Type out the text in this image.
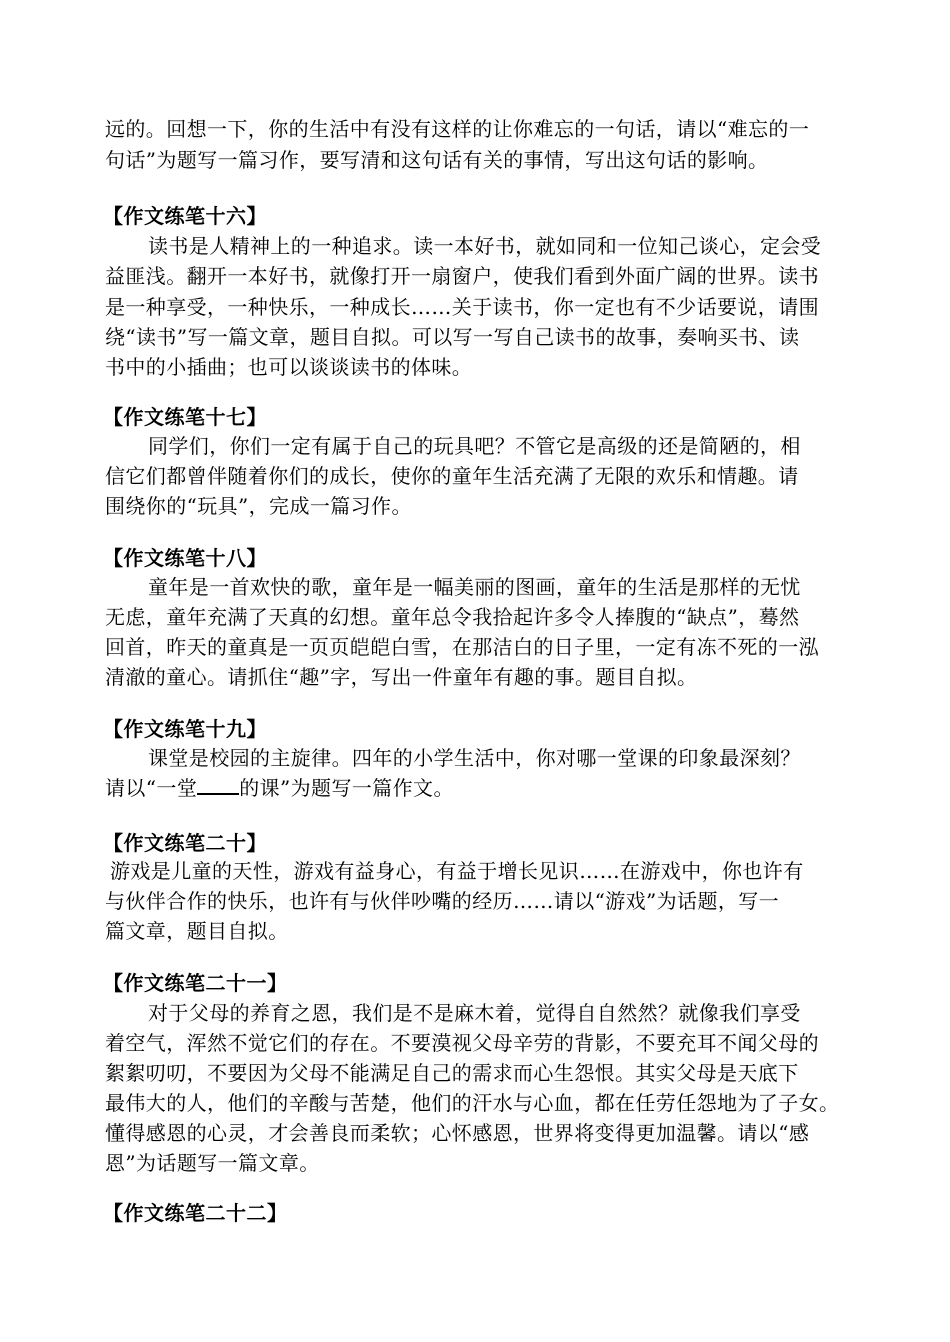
远的。回想一下，你的生活中有没有这样的让你难忘的一句话，请以“难忘的一
句话”为题写一篇习作，要写清和这句话有关的事情，写出这句话的影响。
【作文练笔十六】
读书是人精神上的一种追求。读一本好书，就如同和一位知己谈心，定会受
益匪浅。翻开一本好书，就像打开一扇窗户，使我们看到外面广阔的世界。读书
是一种享受，一种快乐，一种成长……关于读书，你一定也有不少话要说，请围
绕“读书”写一篇文章，题目自拟。可以写一写自己读书的故事，奏响买书、读
书中的小插曲；也可以谈谈读书的体味。
【作文练笔十七】
同学们，你们一定有属于自己的玩具吧？不管它是高级的还是简陋的，相
信它们都曾伴随着你们的成长，使你的童年生活充满了无限的欢乐和情趣。请
围绕你的“玩具”，完成一篇习作。
【作文练笔十八】
童年是一首欢快的歌，童年是一幅美丽的图画，童年的生活是那样的无忧
无虑，童年充满了天真的幻想。童年总令我拾起许多令人捧腹的“缺点”，蓦然
回首，昨天的童真是一页页皑皑白雪，在那洁白的日子里，一定有冻不死的一泓
清澈的童心。请抓住“趣”字，写出一件童年有趣的事。题目自拟。
【作文练笔十九】
课堂是校园的主旋律。四年的小学生活中，你对哪一堂课的印象最深刻？
请以“一堂 的课”为题写一篇作文。
【作文练笔二十】
游戏是儿童的天性，游戏有益身心，有益于增长见识……在游戏中，你也许有
与伙伴合作的快乐，也许有与伙伴吵嘴的经历……请以“游戏”为话题，写一
篇文章，题目自拟。
【作文练笔二十一】
对于父母的养育之恩，我们是不是麻木着，觉得自自然然？就像我们享受
着空气，浑然不觉它们的存在。不要漠视父母辛劳的背影，不要充耳不闻父母的
絮絮叨叨，不要因为父母不能满足自己的需求而心生怨恨。其实父母是天底下
最伟大的人，他们的辛酸与苦楚，他们的汗水与心血，都在任劳任怨地为了子女。
懂得感恩的心灵，才会善良而柔软；心怀感恩，世界将变得更加温馨。请以“感
恩”为话题写一篇文章。
【作文练笔二十二】
